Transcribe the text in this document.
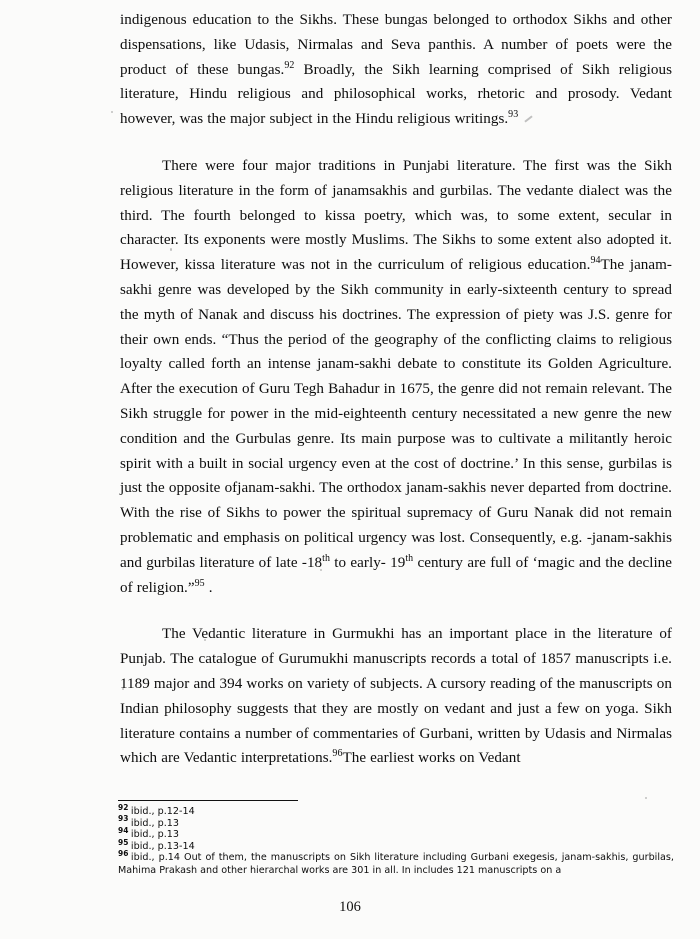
indigenous education to the Sikhs. These bungas belonged to orthodox Sikhs and other dispensations, like Udasis, Nirmalas and Seva panthis. A number of poets were the product of these bungas.$^{92}$ Broadly, the Sikh learning comprised of Sikh religious literature, Hindu religious and philosophical works, rhetoric and prosody. Vedant however, was the major subject in the Hindu religious writings.$^{93}$

There were four major traditions in Punjabi literature. The first was the Sikh religious literature in the form of janamsakhis and gurbilas. The vedante dialect was the third. The fourth belonged to kissa poetry, which was, to some extent, secular in character. Its exponents were mostly Muslims. The Sikhs to some extent also adopted it. However, kissa literature was not in the curriculum of religious education.$^{94}$The janam-sakhi genre was developed by the Sikh community in early-sixteenth century to spread the myth of Nanak and discuss his doctrines. The expression of piety was J.S. genre for their own ends. “Thus the period of the geography of the conflicting claims to religious loyalty called forth an intense janam-sakhi debate to constitute its Golden Agriculture. After the execution of Guru Tegh Bahadur in 1675, the genre did not remain relevant. The Sikh struggle for power in the mid-eighteenth century necessitated a new genre the new condition and the Gurbulas genre. Its main purpose was to cultivate a militantly heroic spirit with a built in social urgency even at the cost of doctrine.’ In this sense, gurbilas is just the opposite ofjanam-sakhi. The orthodox janam-sakhis never departed from doctrine. With the rise of Sikhs to power the spiritual supremacy of Guru Nanak did not remain problematic and emphasis on political urgency was lost. Consequently, e.g. -janam-sakhis and gurbilas literature of late -18th to early- 19th century are full of ‘magic and the decline of religion.”$^{95}$ .

The Vedantic literature in Gurmukhi has an important place in the literature of Punjab. The catalogue of Gurumukhi manuscripts records a total of 1857 manuscripts i.e. 1189 major and 394 works on variety of subjects. A cursory reading of the manuscripts on Indian philosophy suggests that they are mostly on vedant and just a few on yoga. Sikh literature contains a number of commentaries of Gurbani, written by Udasis and Nirmalas which are Vedantic interpretations.$^{96}$The earliest works on Vedant

$^{92}$ ibid., p.12-14
$^{93}$ ibid., p.13
$^{94}$ ibid., p.13
$^{95}$ ibid., p.13-14
$^{96}$ ibid., p.14 Out of them, the manuscripts on Sikh literature including Gurbani exegesis, janam-sakhis, gurbilas, Mahima Prakash and other hierarchal works are 301 in all. In includes 121 manuscripts on a
106
